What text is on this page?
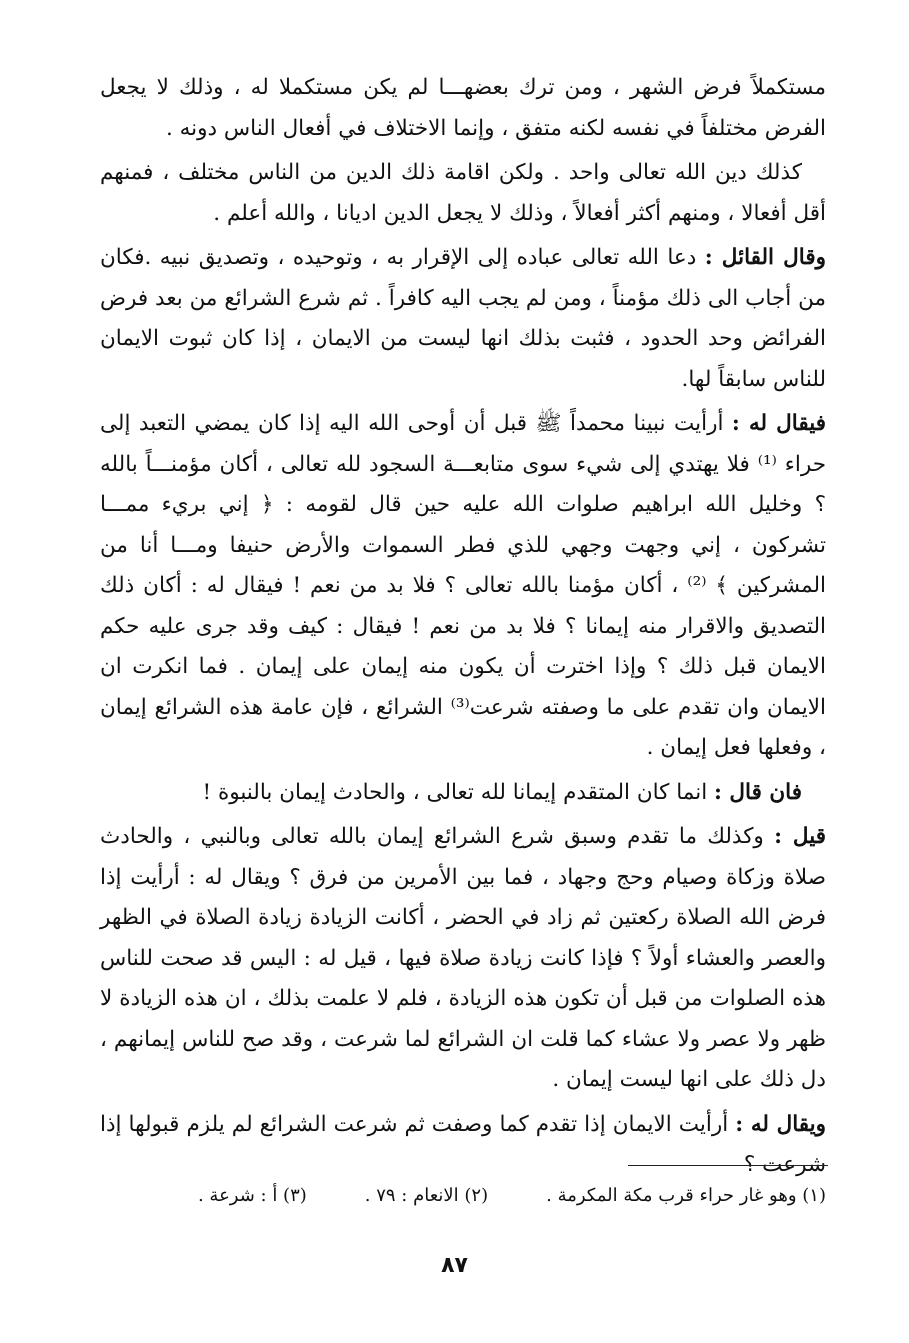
مستكملاً فرض الشهر ، ومن ترك بعضهـــا لم يكن مستكملا له ، وذلك لا يجعل الفرض مختلفاً في نفسه لكنه متفق ، وإنما الاختلاف في أفعال الناس دونه .

كذلك دين الله تعالى واحد . ولكن اقامة ذلك الدين من الناس مختلف ، فمنهم أقل أفعالا ، ومنهم أكثر أفعالاً ، وذلك لا يجعل الدين اديانا ، والله أعلم .

وقال القائل : دعا الله تعالى عباده إلى الإقرار به ، وتوحيده ، وتصديق نبيه .فكان من أجاب الى ذلك مؤمناً ، ومن لم يجب اليه كافراً . ثم شرع الشرائع من بعد فرض الفرائض وحد الحدود ، فثبت بذلك انها ليست من الايمان ، إذا كان ثبوت الايمان للناس سابقاً لها.

فيقال له : أرأيت نبينا محمداً ﷺ قبل أن أوحى الله اليه إذا كان يمضي التعبد إلى حراء ⁽¹⁾ فلا يهتدي إلى شيء سوى متابعـــة السجود لله تعالى ، أكان مؤمنـــاً بالله ؟ وخليل الله ابراهيم صلوات الله عليه حين قال لقومه : ﴿ إني بريء ممـــا تشركون ، إني وجهت وجهي للذي فطر السموات والأرض حنيفا ومـــا أنا من المشركين ﴾ ⁽²⁾ ، أكان مؤمنا بالله تعالى ؟ فلا بد من نعم ! فيقال له : أكان ذلك التصديق والاقرار منه إيمانا ؟ فلا بد من نعم ! فيقال : كيف وقد جرى عليه حكم الايمان قبل ذلك ؟ وإذا اخترت أن يكون منه إيمان على إيمان . فما انكرت ان الايمان وان تقدم على ما وصفته شرعت⁽³⁾ الشرائع ، فإن عامة هذه الشرائع إيمان ، وفعلها فعل إيمان .

فان قال : انما كان المتقدم إيمانا لله تعالى ، والحادث إيمان بالنبوة !

قيل : وكذلك ما تقدم وسبق شرع الشرائع إيمان بالله تعالى وبالنبي ، والحادث صلاة وزكاة وصيام وحج وجهاد ، فما بين الأمرين من فرق ؟ ويقال له : أرأيت إذا فرض الله الصلاة ركعتين ثم زاد في الحضر ، أكانت الزيادة زيادة الصلاة في الظهر والعصر والعشاء أولاً ؟ فإذا كانت زيادة صلاة فيها ، قيل له : اليس قد صحت للناس هذه الصلوات من قبل أن تكون هذه الزيادة ، فلم لا علمت بذلك ، ان هذه الزيادة لا ظهر ولا عصر ولا عشاء كما قلت ان الشرائع لما شرعت ، وقد صح للناس إيمانهم ، دل ذلك على انها ليست إيمان .

ويقال له : أرأيت الايمان إذا تقدم كما وصفت ثم شرعت الشرائع لم يلزم قبولها إذا شرعت ؟

(١) وهو غار حراء قرب مكة المكرمة .(٢) الانعام : ٧٩ .(٣) أ : شرعة .
٨٧
